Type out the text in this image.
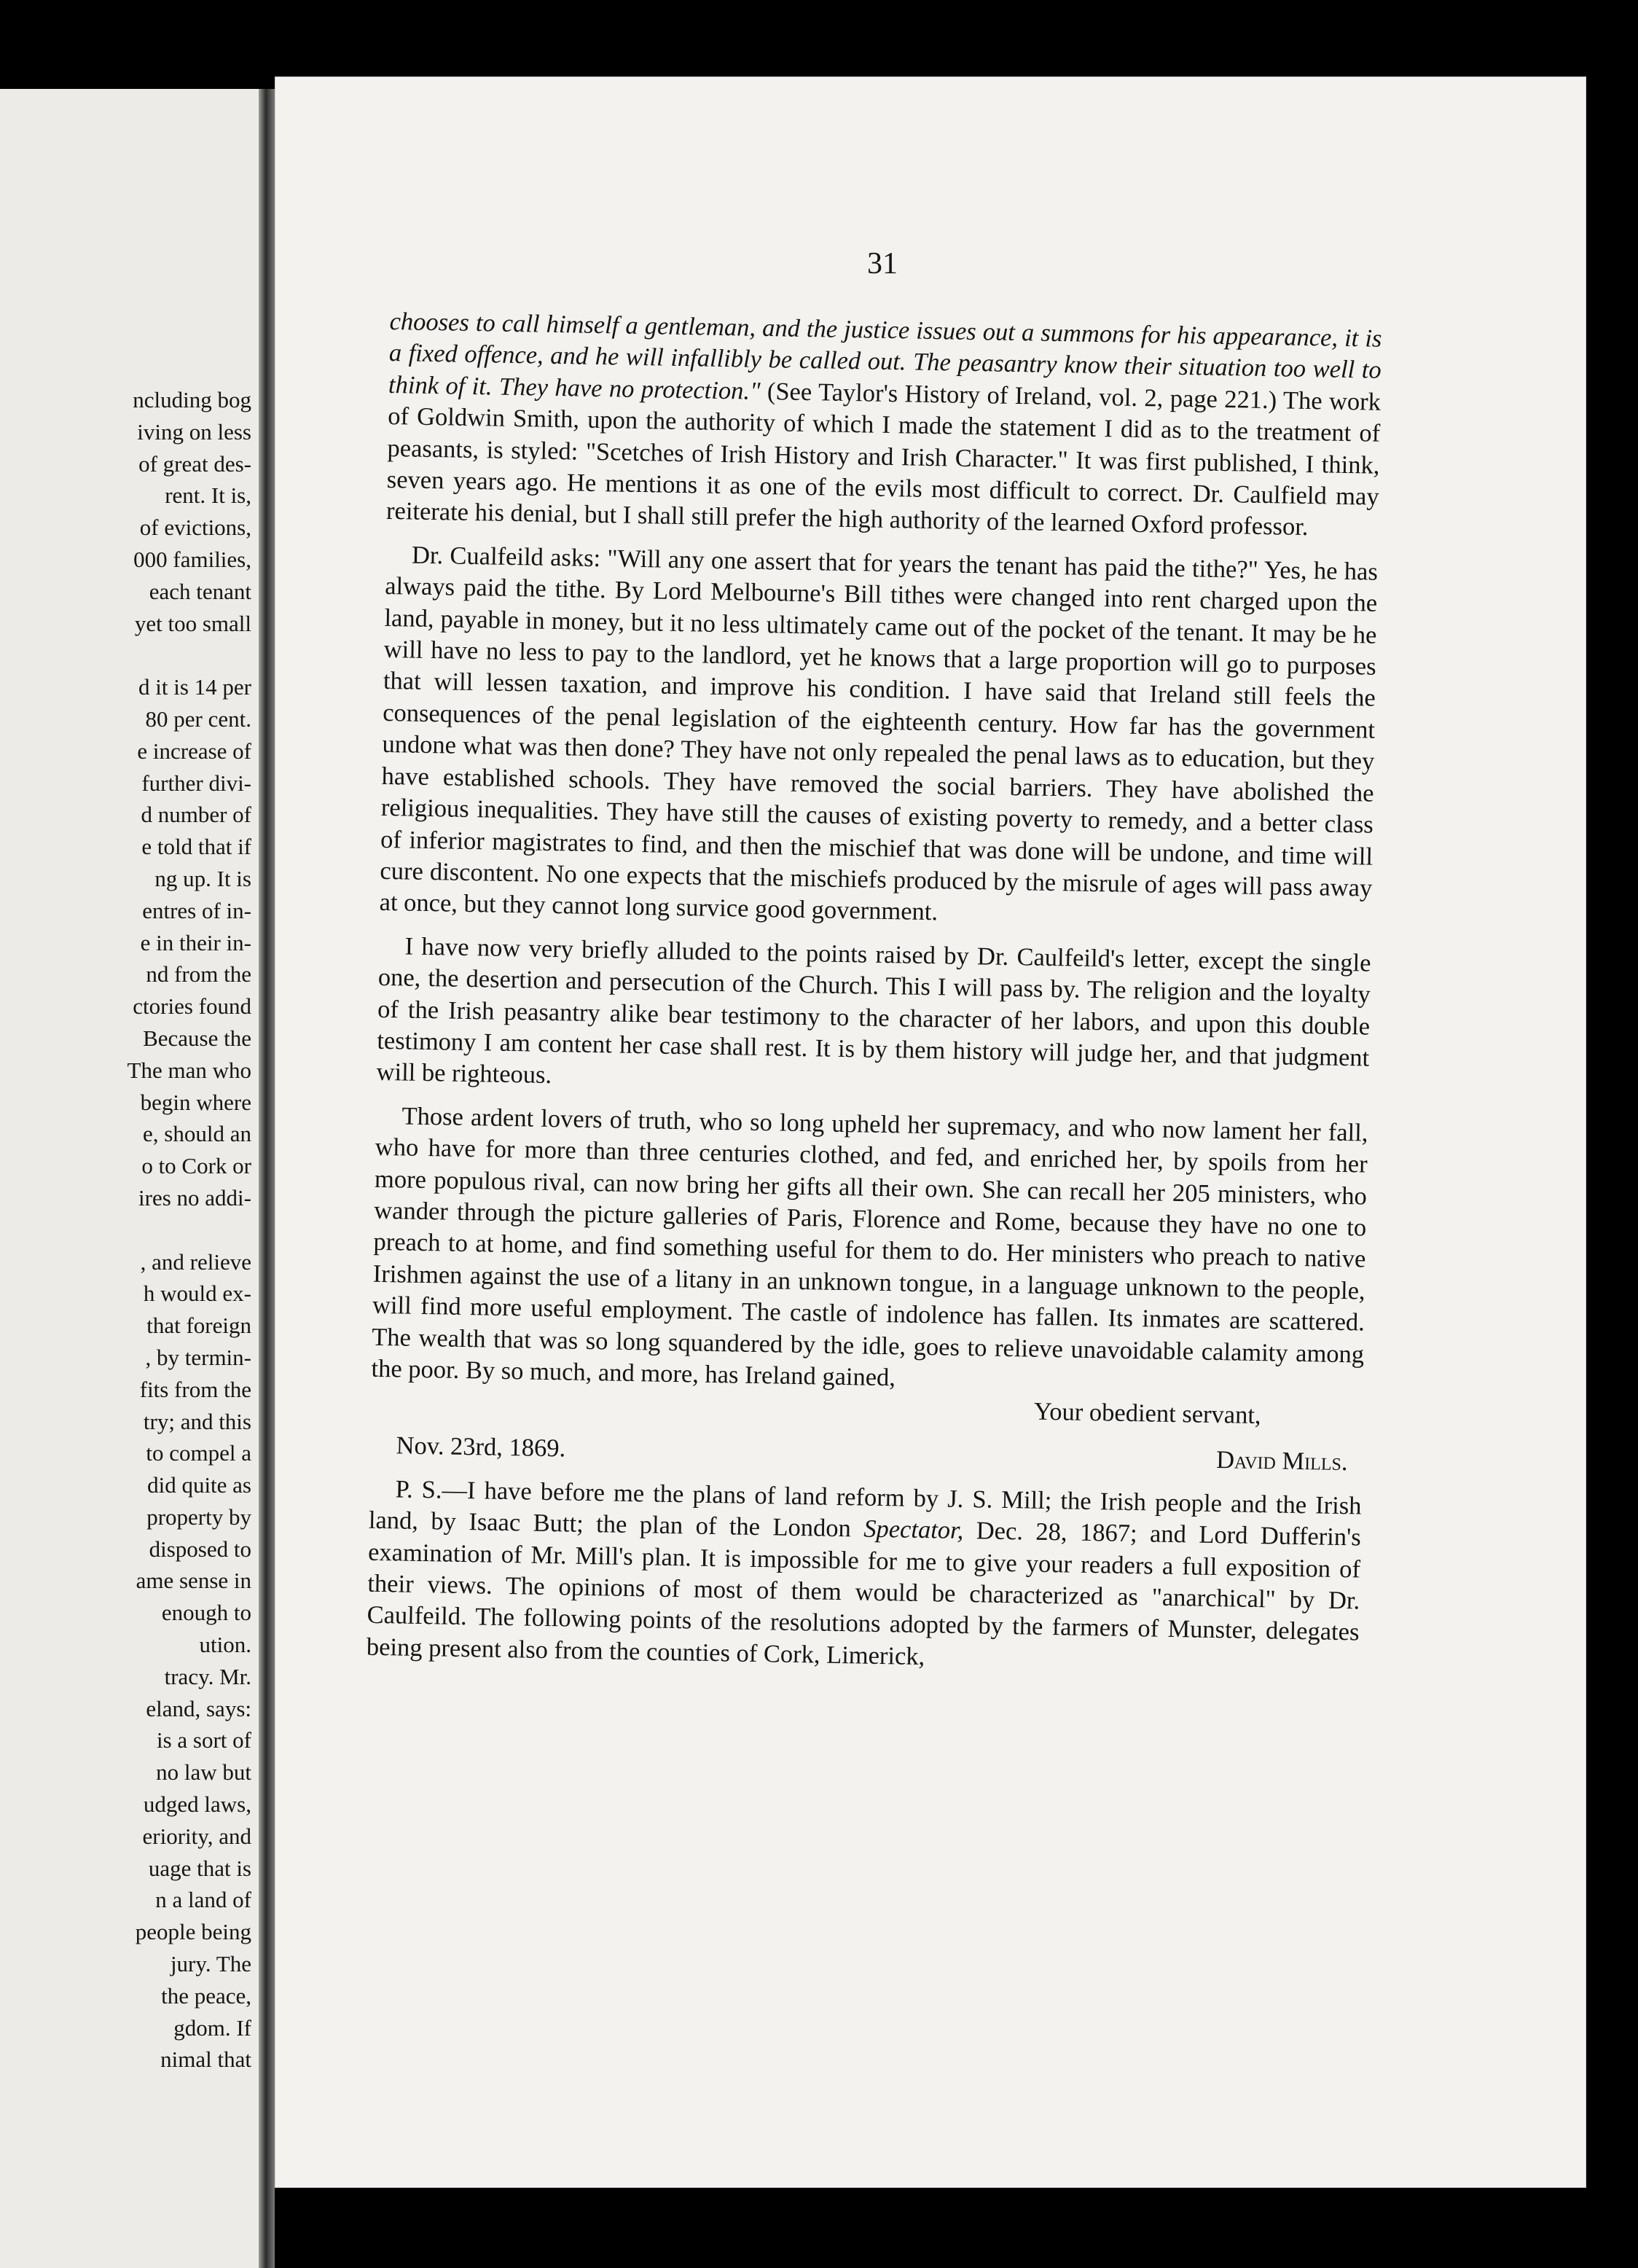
ncluding bog
iving on less
of great des-
rent. It is,
of evictions,
000 families,
each tenant
yet too small
d it is 14 per
80 per cent.
e increase of
further divi-
d number of
e told that if
ng up. It is
entres of in-
e in their in-
nd from the
ctories found
Because the
The man who
begin where
e, should an
o to Cork or
ires no addi-
, and relieve
h would ex-
that foreign
, by termin-
fits from the
try; and this
to compel a
did quite as
property by
disposed to
ame sense in
enough to
ution.
tracy. Mr.
eland, says:
is a sort of
no law but
udged laws,
eriority, and
uage that is
n a land of
people being
jury. The
the peace,
gdom. If
nimal that
31

chooses to call himself a gentleman, and the justice issues out a summons for his appearance, it is a fixed offence, and he will infallibly be called out. The peasantry know their situation too well to think of it. They have no protection." (See Taylor's History of Ireland, vol. 2, page 221.) The work of Goldwin Smith, upon the authority of which I made the statement I did as to the treatment of peasants, is styled: "Scetches of Irish History and Irish Character." It was first published, I think, seven years ago. He mentions it as one of the evils most difficult to correct. Dr. Caulfield may reiterate his denial, but I shall still prefer the high authority of the learned Oxford professor.

Dr. Cualfeild asks: "Will any one assert that for years the tenant has paid the tithe?" Yes, he has always paid the tithe. By Lord Melbourne's Bill tithes were changed into rent charged upon the land, payable in money, but it no less ultimately came out of the pocket of the tenant. It may be he will have no less to pay to the landlord, yet he knows that a large proportion will go to purposes that will lessen taxation, and improve his condition. I have said that Ireland still feels the consequences of the penal legislation of the eighteenth century. How far has the government undone what was then done? They have not only repealed the penal laws as to education, but they have established schools. They have removed the social barriers. They have abolished the religious inequalities. They have still the causes of existing poverty to remedy, and a better class of inferior magistrates to find, and then the mischief that was done will be undone, and time will cure discontent. No one expects that the mischiefs produced by the misrule of ages will pass away at once, but they cannot long survice good government.

I have now very briefly alluded to the points raised by Dr. Caulfeild's letter, except the single one, the desertion and persecution of the Church. This I will pass by. The religion and the loyalty of the Irish peasantry alike bear testimony to the character of her labors, and upon this double testimony I am content her case shall rest. It is by them history will judge her, and that judgment will be righteous.

Those ardent lovers of truth, who so long upheld her supremacy, and who now lament her fall, who have for more than three centuries clothed, and fed, and enriched her, by spoils from her more populous rival, can now bring her gifts all their own. She can recall her 205 ministers, who wander through the picture galleries of Paris, Florence and Rome, because they have no one to preach to at home, and find something useful for them to do. Her ministers who preach to native Irishmen against the use of a litany in an unknown tongue, in a language unknown to the people, will find more useful employment. The castle of indolence has fallen. Its inmates are scattered. The wealth that was so long squandered by the idle, goes to relieve unavoidable calamity among the poor. By so much, and more, has Ireland gained,

Your obedient servant,

Nov. 23rd, 1869.	David Mills.

P. S.—I have before me the plans of land reform by J. S. Mill; the Irish people and the Irish land, by Isaac Butt; the plan of the London Spectator, Dec. 28, 1867; and Lord Dufferin's examination of Mr. Mill's plan. It is impossible for me to give your readers a full exposition of their views. The opinions of most of them would be characterized as "anarchical" by Dr. Caulfeild. The following points of the resolutions adopted by the farmers of Munster, delegates being present also from the counties of Cork, Limerick,
